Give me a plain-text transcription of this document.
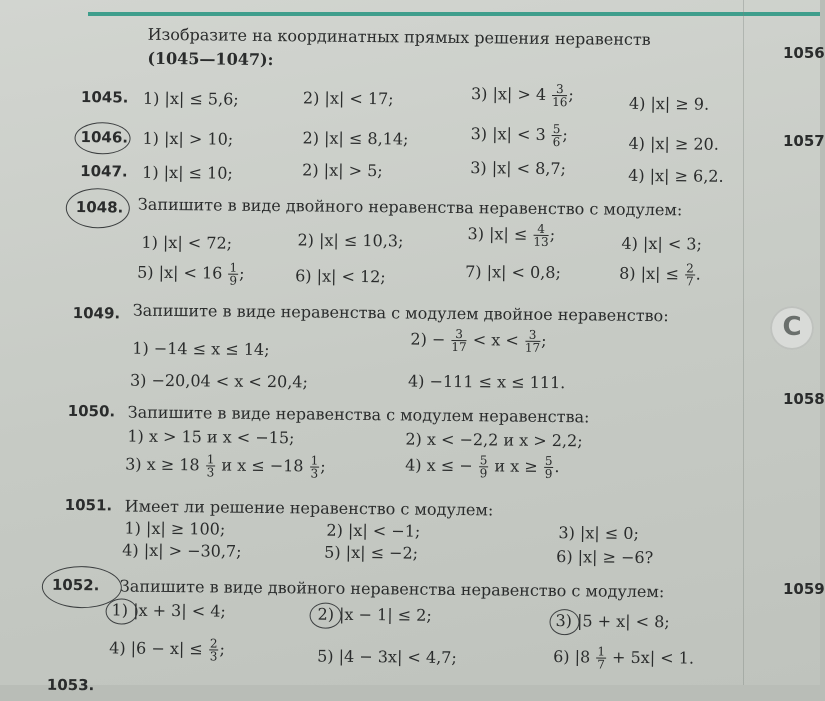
Изобразите на координатных прямых решения неравенств
(1045—1047):
1045. 1) |x| ≤ 5,6;	2) |x| < 17;	3) $|x| > 4 \frac{3}{16}$ ;	4) |x| ≥ 9.
1046. 1) |x| > 10;	2) |x| ≤ 8,14;	3) $|x| < 3 \frac{5}{6}$ ;	4) |x| ≥ 20.
1047. 1) |x| ≤ 10;	2) |x| > 5;	3) |x| < 8,7;	4) |x| ≥ 6,2.
1048. Запишите в виде двойного неравенства неравенство с модулем:
1) |x| < 72;	2) |x| ≤ 10,3;	3) $|x| \le \frac{4}{13}$ ;	4) |x| < 3;
5) $|x| < 16 \frac{1}{9}$ ;	6) |x| < 12;	7) |x| < 0,8;	8) $|x| \le \frac{2}{7}$ .
1049. Запишите в виде неравенства с модулем двойное неравенство:
1) −14 ≤ x ≤ 14;	$2) - \frac{3}{17} < x < \frac{3}{17}$ ;
3) −20,04 < x < 20,4;	4) −111 ≤ x ≤ 111.
1050. Запишите в виде неравенства с модулем неравенства:
1) x > 15 и x < −15;	2) x < −2,2 и x > 2,2;
3) $x \ge 18 \frac{1}{3}$ и $x \le -18 \frac{1}{3}$ ;	4) x ≤ − $\frac{5}{9}$ и $x \ge \frac{5}{9}$ .
1051. Имеет ли решение неравенство с модулем:
1) |x| ≥ 100;	2) |x| < −1;	3) |x| ≤ 0;
4) |x| > −30,7;	5) |x| ≤ −2;	6) |x| ≥ −6?
1052. Запишите в виде двойного неравенства неравенство с модулем:
1) |x + 3| < 4;	2) |x − 1| ≤ 2;	3) |5 + x| < 8;
4) $|6 - x| \le \frac{2}{3}$ ;	5) |4 − 3x| < 4,7;	6) $|8 \frac{1}{7} + 5x| < 1$.
1053.
1056
1057
C
1058
1059
